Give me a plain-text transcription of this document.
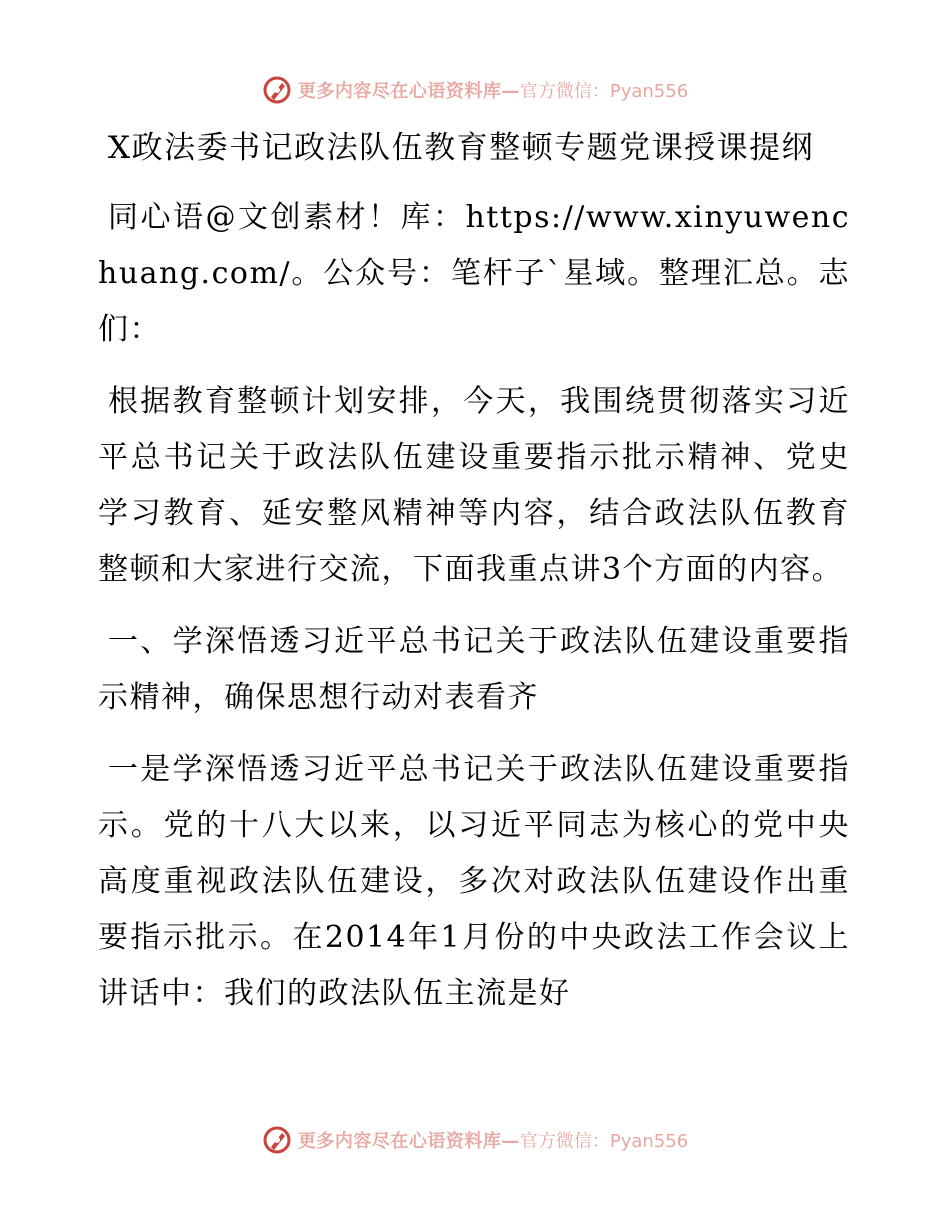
更多内容尽在心语资料库— 官方微信：Pyan556
X政法委书记政法队伍教育整顿专题党课授课提纲

同心语@文创素材！库：https://www.xinyuwenchuang.com/。公众号：笔杆子`星域。整理汇总。志们：

根据教育整顿计划安排，今天，我围绕贯彻落实习近平总书记关于政法队伍建设重要指示批示精神、党史学习教育、延安整风精神等内容，结合政法队伍教育整顿和大家进行交流，下面我重点讲3个方面的内容。

一、学深悟透习近平总书记关于政法队伍建设重要指示精神，确保思想行动对表看齐

一是学深悟透习近平总书记关于政法队伍建设重要指示。党的十八大以来，以习近平同志为核心的党中央高度重视政法队伍建设，多次对政法队伍建设作出重要指示批示。在2014年1月份的中央政法工作会议上讲话中：我们的政法队伍主流是好

更多内容尽在心语资料库— 官方微信：Pyan556
